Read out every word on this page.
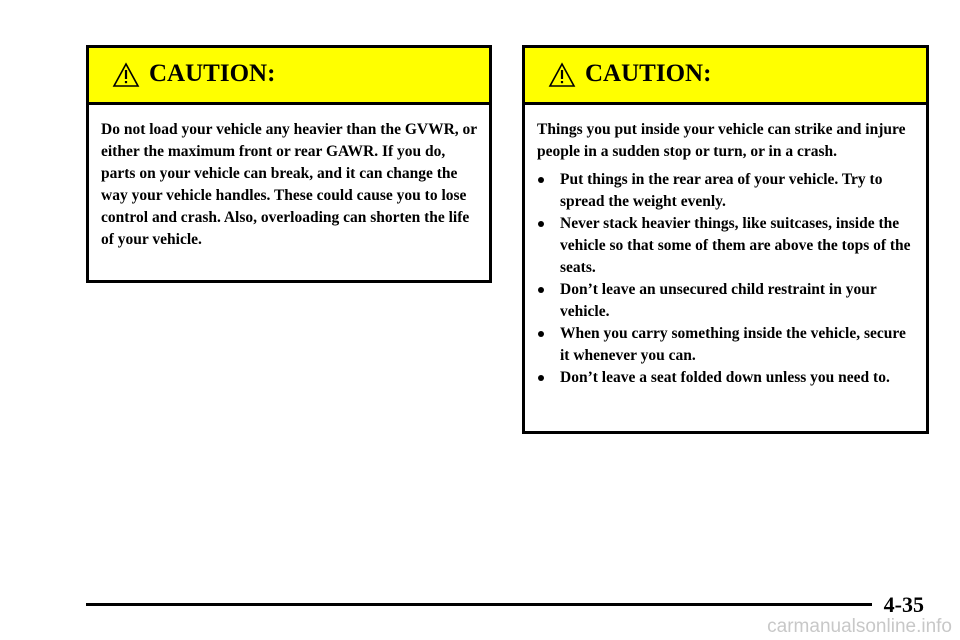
CAUTION:

Do not load your vehicle any heavier than the GVWR, or either the maximum front or rear GAWR. If you do, parts on your vehicle can break, and it can change the way your vehicle handles. These could cause you to lose control and crash. Also, overloading can shorten the life of your vehicle.

CAUTION:

Things you put inside your vehicle can strike and injure people in a sudden stop or turn, or in a crash.

Put things in the rear area of your vehicle. Try to spread the weight evenly.
Never stack heavier things, like suitcases, inside the vehicle so that some of them are above the tops of the seats.
Don’t leave an unsecured child restraint in your vehicle.
When you carry something inside the vehicle, secure it whenever you can.
Don’t leave a seat folded down unless you need to.
4-35
carmanualsonline.info
